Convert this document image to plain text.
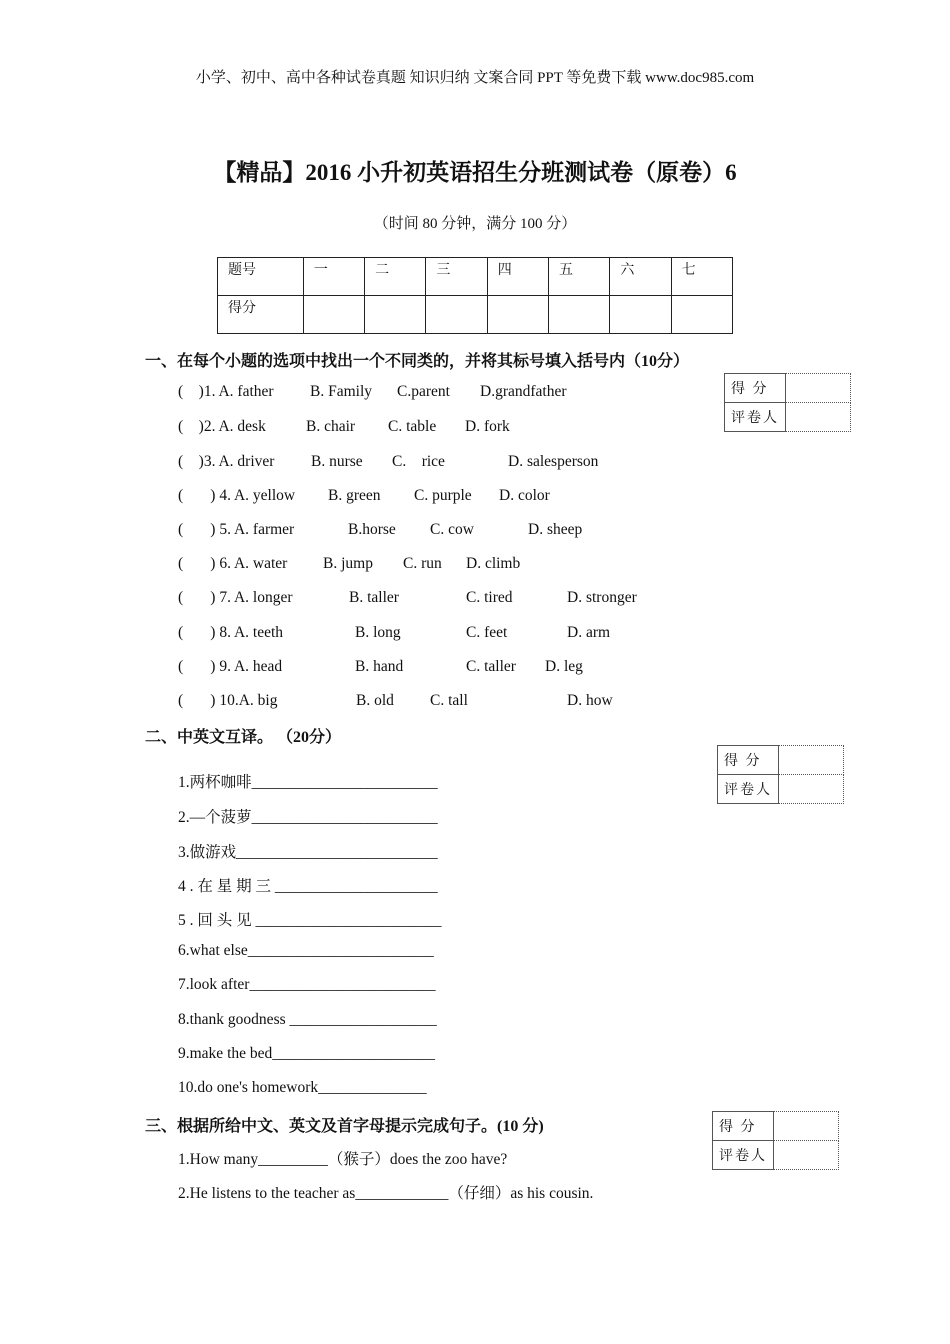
小学、初中、高中各种试卷真题 知识归纳 文案合同 PPT 等免费下载 www.doc985.com
【精品】2016 小升初英语招生分班测试卷（原卷）6
（时间 80 分钟，满分 100 分）
题号	一	二	三	四	五	六	七
得分							
一、在每个小题的选项中找出一个不同类的，并将其标号填入括号内（10分）
得 分	
评卷人	
(    )1. A. father B. Family C.parent D.grandfather
(    )2. A. desk	B. chair C. table D. fork
(    )3. A. driver B. nurse C.    rice	D. salesperson
(       ) 4. A. yellow B. green C. purple D. color
(       ) 5. A. farmer	B.horse C. cow	D. sheep
(       ) 6. A. water B. jump C. run D. climb
(       ) 7. A. longer	B. taller	C. tired	D. stronger
(       ) 8. A. teeth	B. long	C. feet	D. arm
(       ) 9. A. head	B. hand	C. taller D. leg
(       ) 10.A. big	B. old C. tall	D. how
二、中英文互译。 （20分）
得 分	
评卷人	
1.两杯咖啡________________________
2.—个菠萝________________________
3.做游戏__________________________
4 . 在 星 期 三 _____________________
5 . 回 头 见 ________________________
6.what else________________________
7.look after________________________
8.thank goodness ___________________
9.make the bed_____________________
10.do one's homework______________
三、根据所给中文、英文及首字母提示完成句子。(10 分)	得 分	
评卷人	
1.How many_________（猴子）does the zoo have?
2.He listens to the teacher as____________（仔细）as his cousin.
